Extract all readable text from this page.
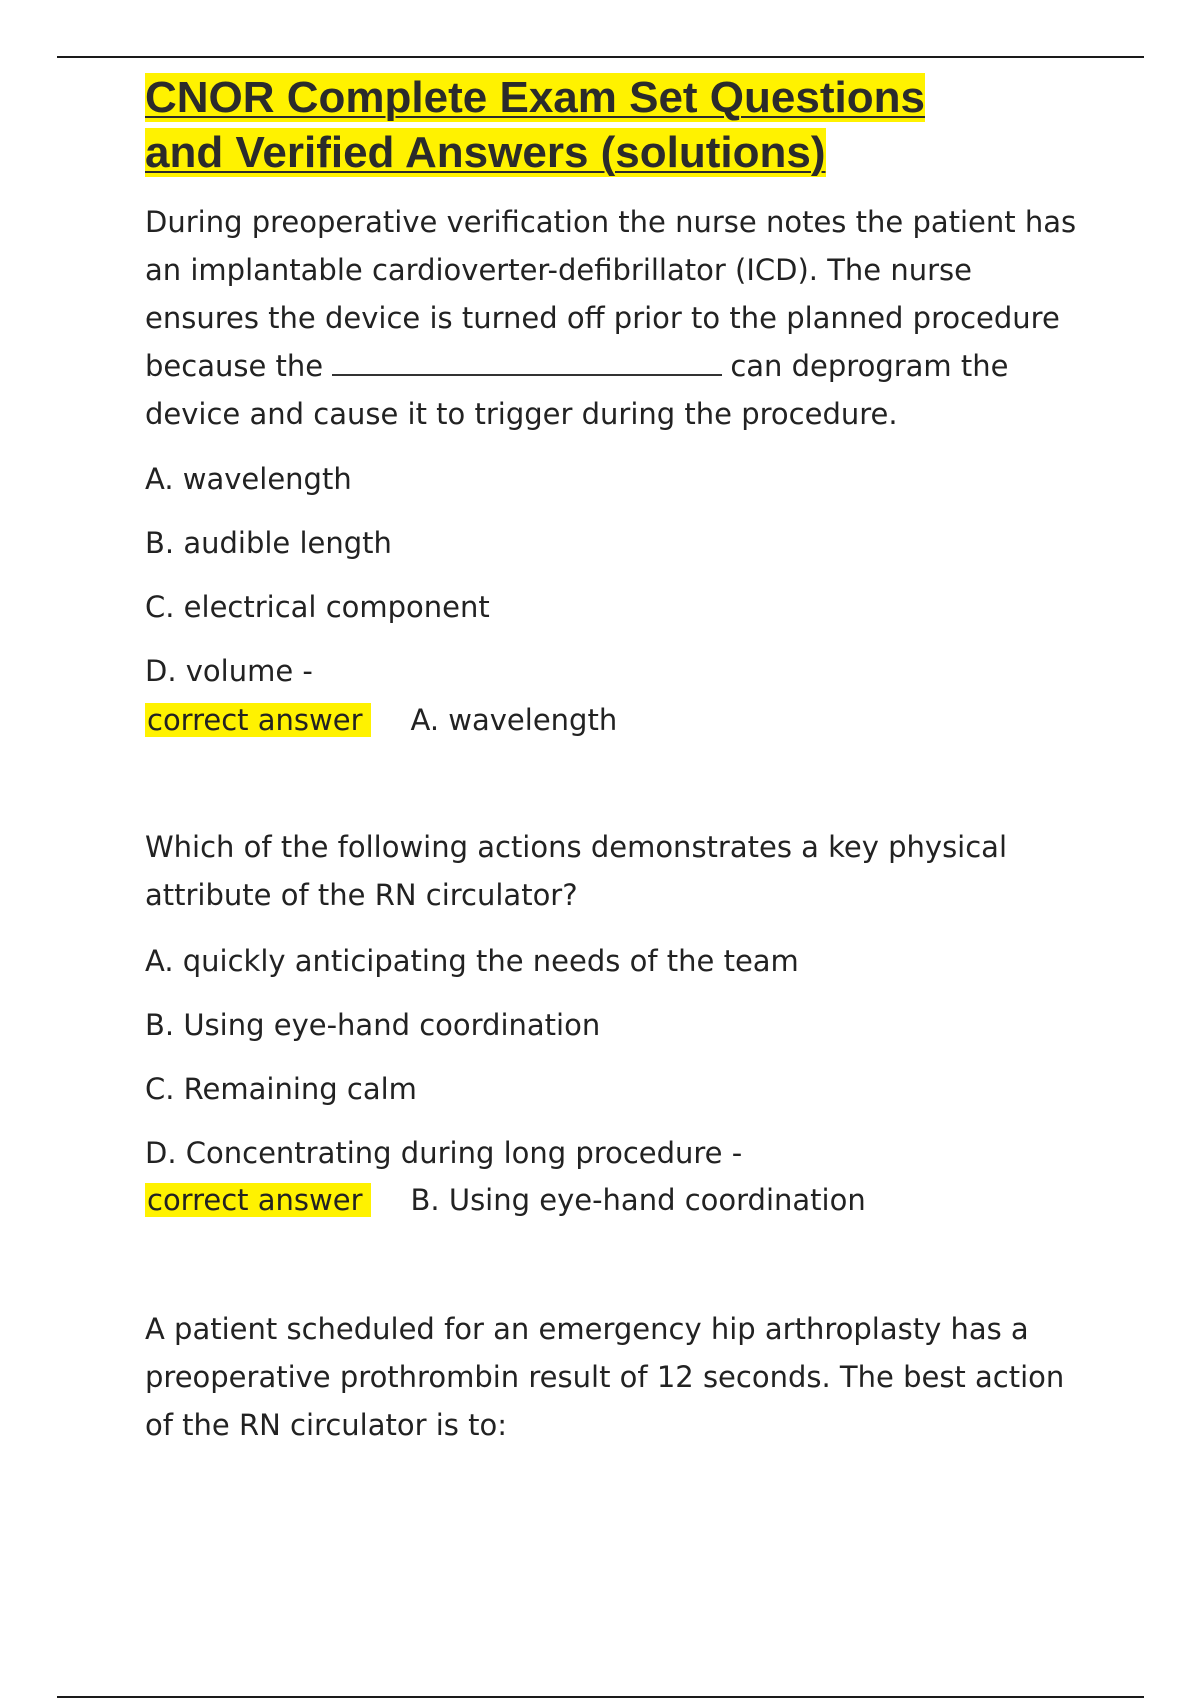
CNOR Complete Exam Set Questions
and Verified Answers (solutions)

During preoperative verification the nurse notes the patient has an implantable cardioverter-defibrillator (ICD). The nurse ensures the device is turned off prior to the planned procedure because the	can deprogram the device and cause it to trigger during the procedure.

A. wavelength
B. audible length
C. electrical component
D. volume -
correct answer A. wavelength

Which of the following actions demonstrates a key physical attribute of the RN circulator?

A. quickly anticipating the needs of the team
B. Using eye-hand coordination
C. Remaining calm
D. Concentrating during long procedure -
correct answer B. Using eye-hand coordination

A patient scheduled for an emergency hip arthroplasty has a preoperative prothrombin result of 12 seconds. The best action of the RN circulator is to:
